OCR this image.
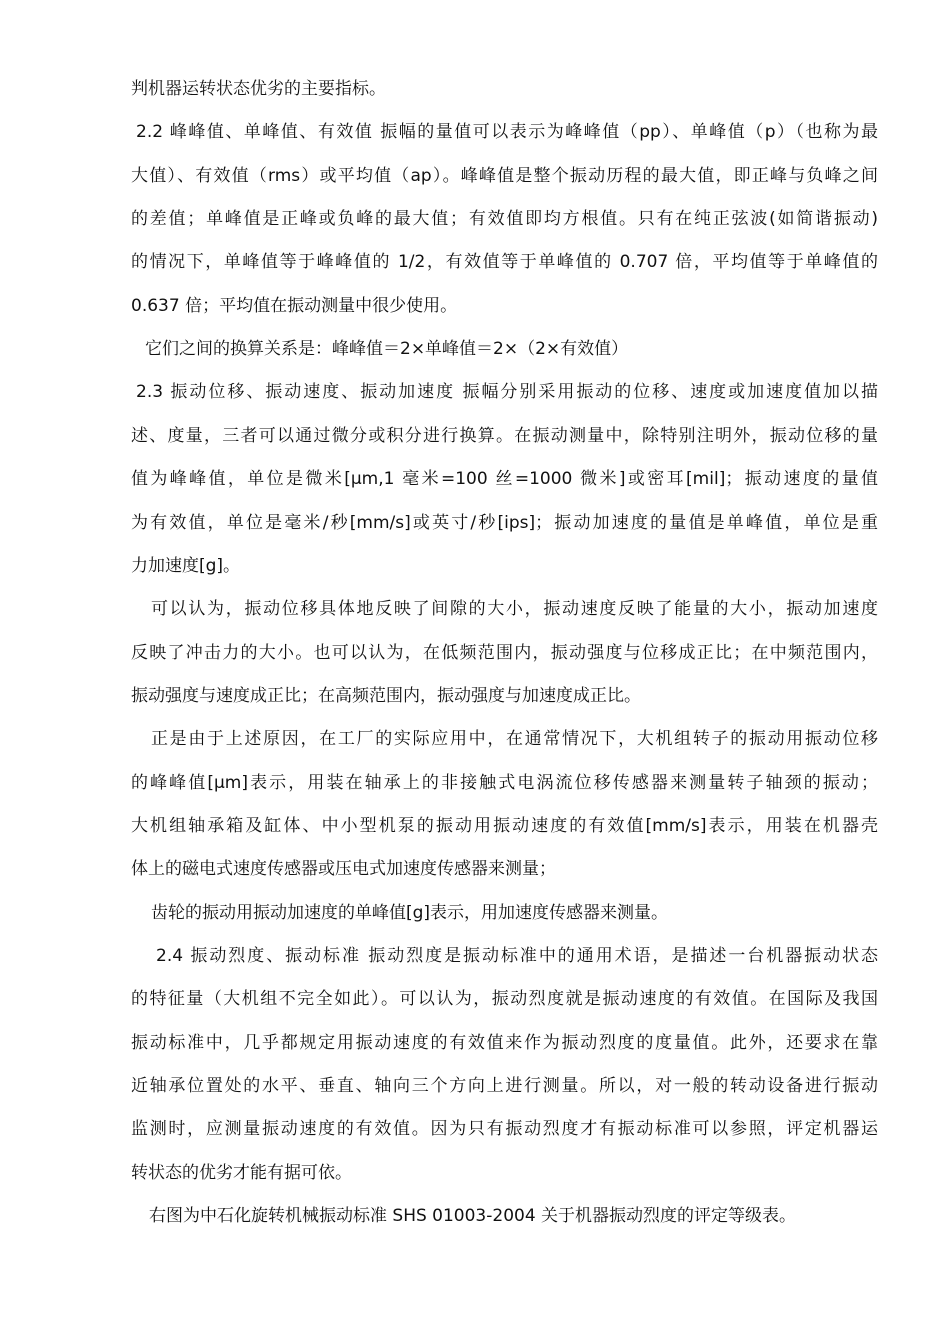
判机器运转状态优劣的主要指标。
2.2 峰峰值、单峰值、有效值 振幅的量值可以表示为峰峰值（pp）、单峰值（p）（也称为最
大值）、有效值（rms）或平均值（ap）。峰峰值是整个振动历程的最大值，即正峰与负峰之间
的差值；单峰值是正峰或负峰的最大值；有效值即均方根值。只有在纯正弦波(如简谐振动)
的情况下，单峰值等于峰峰值的 1/2，有效值等于单峰值的 0.707 倍，平均值等于单峰值的
0.637 倍；平均值在振动测量中很少使用。
它们之间的换算关系是：峰峰值＝2×单峰值＝2×（2×有效值）
2.3 振动位移、振动速度、振动加速度 振幅分别采用振动的位移、速度或加速度值加以描
述、度量，三者可以通过微分或积分进行换算。在振动测量中，除特别注明外，振动位移的量
值为峰峰值，单位是微米[μm,1 毫米=100 丝=1000 微米]或密耳[mil]；振动速度的量值
为有效值，单位是毫米/秒[mm/s]或英寸/秒[ips]；振动加速度的量值是单峰值，单位是重
力加速度[g]。
可以认为，振动位移具体地反映了间隙的大小，振动速度反映了能量的大小，振动加速度
反映了冲击力的大小。也可以认为，在低频范围内，振动强度与位移成正比；在中频范围内，
振动强度与速度成正比；在高频范围内，振动强度与加速度成正比。
正是由于上述原因，在工厂的实际应用中，在通常情况下，大机组转子的振动用振动位移
的峰峰值[μm]表示，用装在轴承上的非接触式电涡流位移传感器来测量转子轴颈的振动；
大机组轴承箱及缸体、中小型机泵的振动用振动速度的有效值[mm/s]表示，用装在机器壳
体上的磁电式速度传感器或压电式加速度传感器来测量；
齿轮的振动用振动加速度的单峰值[g]表示，用加速度传感器来测量。
2.4 振动烈度、振动标准 振动烈度是振动标准中的通用术语，是描述一台机器振动状态
的特征量（大机组不完全如此）。可以认为，振动烈度就是振动速度的有效值。在国际及我国
振动标准中，几乎都规定用振动速度的有效值来作为振动烈度的度量值。此外，还要求在靠
近轴承位置处的水平、垂直、轴向三个方向上进行测量。所以，对一般的转动设备进行振动
监测时，应测量振动速度的有效值。因为只有振动烈度才有振动标准可以参照，评定机器运
转状态的优劣才能有据可依。
右图为中石化旋转机械振动标准 SHS 01003-2004 关于机器振动烈度的评定等级表。
